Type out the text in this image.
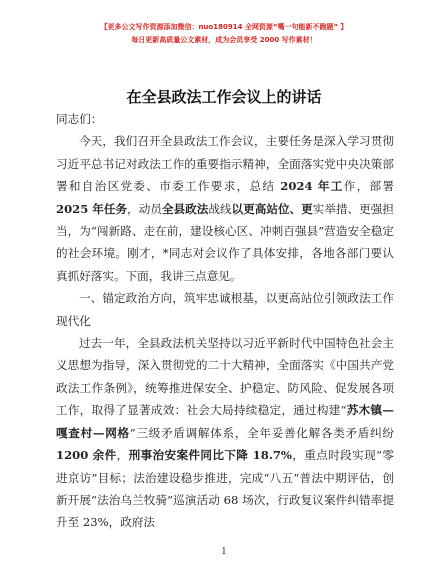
【更多公文写作资源添加微信：nuo180914 全网资源“嘴一句能新不跑题” 】
每日更新高质量公文素材，成为会员享受 2000 写作素材！
在全县政法工作会议上的讲话

同志们：

今天，我们召开全县政法工作会议，主要任务是深入学习贯彻习近平总书记对政法工作的重要指示精神，全面落实党中央决策部署和自治区党委、市委工作要求，总结 2024 年工作，部署 2025 年任务，动员全县政法战线以更高站位、更实举措、更强担当，为“闯新路、走在前，建设核心区、冲刺百强县”营造安全稳定的社会环境。刚才，*同志对会议作了具体安排，各地各部门要认真抓好落实。下面，我讲三点意见。

一、锚定政治方向，筑牢忠诚根基，以更高站位引领政法工作现代化

过去一年，全县政法机关坚持以习近平新时代中国特色社会主义思想为指导，深入贯彻党的二十大精神，全面落实《中国共产党政法工作条例》，统筹推进保安全、护稳定、防风险、促发展各项工作，取得了显著成效：社会大局持续稳定，通过构建“苏木镇—嘎查村—网格”三级矛盾调解体系，全年妥善化解各类矛盾纠纷 1200 余件，刑事治安案件同比下降 18.7%，重点时段实现“零进京访”目标；法治建设稳步推进，完成“八五”普法中期评估，创新开展“法治乌兰牧骑”巡演活动 68 场次，行政复议案件纠错率提升至 23%，政府法

1
